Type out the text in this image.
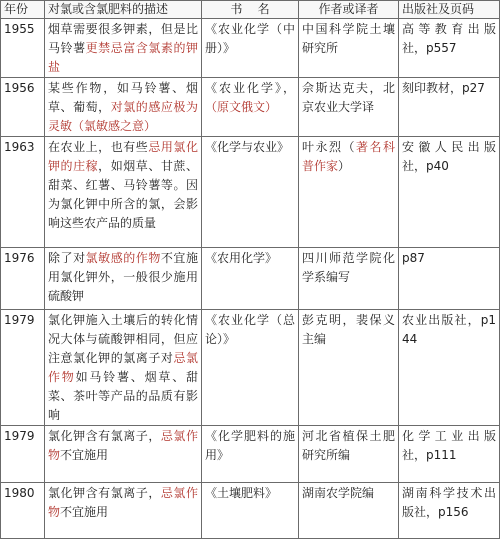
年份	对氯或含氯肥料的描述	书    名	作者或译者	出版社及页码
1955	烟草需要很多钾素，但是比马铃薯更禁忌富含氯素的钾盐	《农业化学（中册）》	中国科学院土壤研究所	高等教育出版社，p557
1956	某些作物，如马铃薯、烟草、葡萄，对氯的感应极为灵敏（氯敏感之意）	《农业化学》，（原文俄文）	佘斯达克夫，北京农业大学译	刻印教材，p27
1963	在农业上，也有些忌用氯化钾的庄稼，如烟草、甘蔗、甜菜、红薯、马铃薯等。因为氯化钾中所含的氯，会影响这些农产品的质量	《化学与农业》	叶永烈（著名科普作家）	安徽人民出版社，p40
1976	除了对氯敏感的作物不宜施用氯化钾外，一般很少施用硫酸钾	《农用化学》	四川师范学院化学系编写	p87
1979	氯化钾施入土壤后的转化情况大体与硫酸钾相同，但应注意氯化钾的氯离子对忌氯作物如马铃薯、烟草、甜菜、茶叶等产品的品质有影响	《农业化学（总论）》	彭克明，裴保义主编	农业出版社，p144
1979	氯化钾含有氯离子，忌氯作物不宜施用	《化学肥料的施用》	河北省植保土肥研究所编	化学工业出版社，p111
1980	氯化钾含有氯离子，忌氯作物不宜施用	《土壤肥料》	湖南农学院编	湖南科学技术出版社，p156
